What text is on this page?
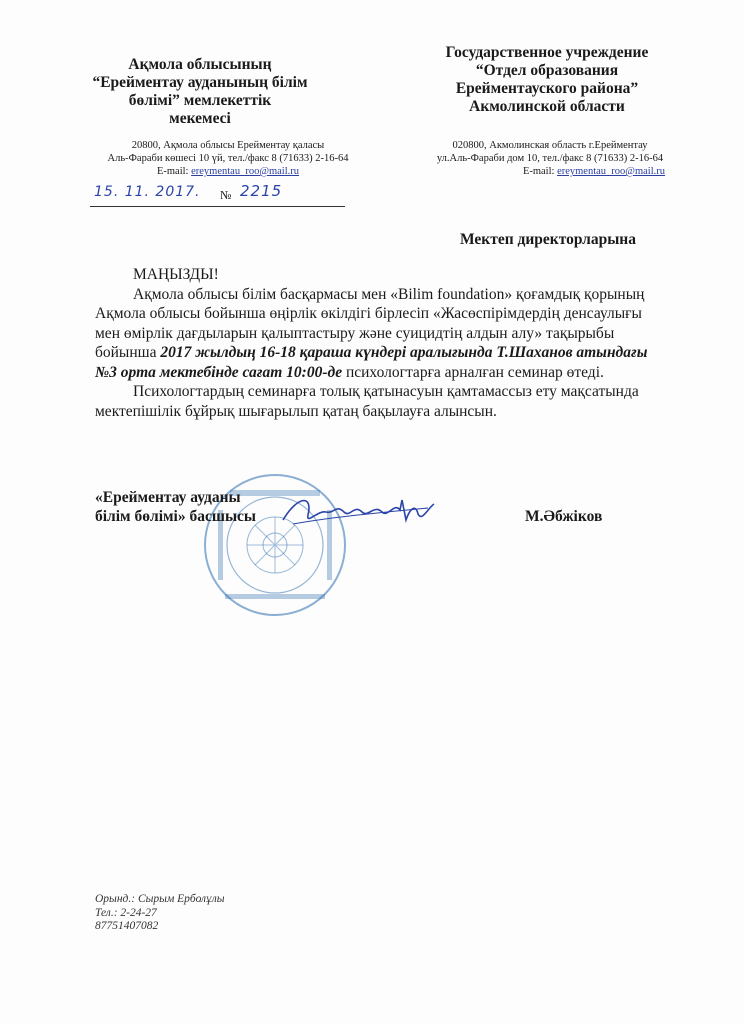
Ақмола облысының
“Ерейментау ауданының білім
бөлімі” мемлекеттік
мекемесі
20800, Ақмола облысы Ерейментау қаласы
Аль-Фараби көшесі 10 үй, тел./факс 8 (71633) 2-16-64
E-mail: ereymentau_roo@mail.ru
Государственное учреждение
“Отдел образования
Ерейментауского района”
Акмолинской области
020800, Акмолинская область г.Ерейментау
ул.Аль-Фараби дом 10, тел./факс 8 (71633) 2-16-64
E-mail: ereymentau_roo@mail.ru
15. 11. 2017. № 2215
Мектеп директорларына

МАҢЫЗДЫ!

Ақмола облысы білім басқармасы мен «Bilim foundation» қоғамдық қорының Ақмола облысы бойынша өңірлік өкілдігі бірлесіп «Жасөспірімдердің денсаулығы мен өмірлік дағдыларын қалыптастыру және суицидтің алдын алу» тақырыбы бойынша 2017 жылдың 16-18 қараша күндері аралығында Т.Шаханов атындағы №3 орта мектебінде сағат 10:00-де психологтарға арналған семинар өтеді.

Психологтардың семинарға толық қатынасуын қамтамассыз ету мақсатында мектепішілік бұйрық шығарылып қатаң бақылауға алынсын.

«Ерейментау ауданы
білім бөлімі» басшысы	М.Әбжіков
Орынд.: Сырым Ерболұлы
Тел.: 2-24-27
87751407082
